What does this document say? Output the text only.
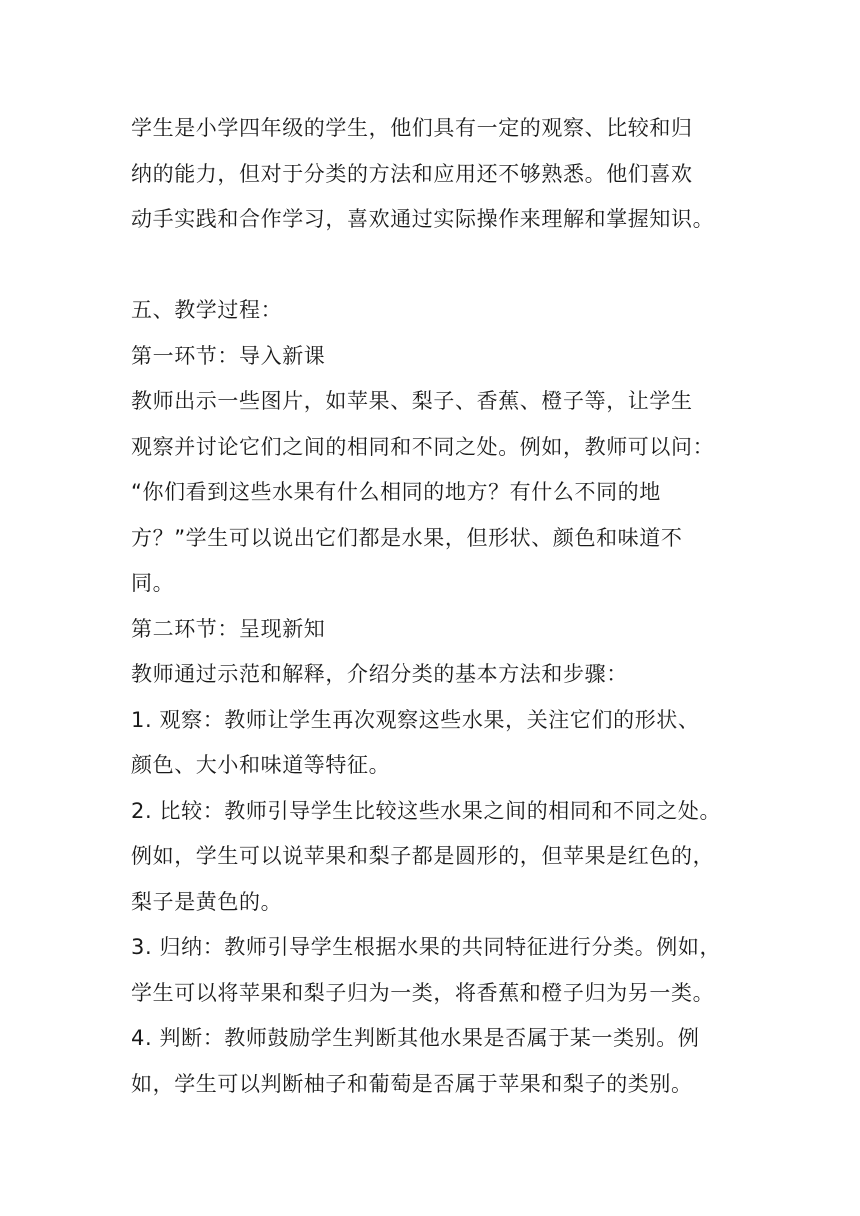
学生是小学四年级的学生，他们具有一定的观察、比较和归
纳的能力，但对于分类的方法和应用还不够熟悉。他们喜欢
动手实践和合作学习，喜欢通过实际操作来理解和掌握知识。
五、教学过程：
第一环节：导入新课
教师出示一些图片，如苹果、梨子、香蕉、橙子等，让学生
观察并讨论它们之间的相同和不同之处。例如，教师可以问：
“你们看到这些水果有什么相同的地方？有什么不同的地
方？”学生可以说出它们都是水果，但形状、颜色和味道不
同。
第二环节：呈现新知
教师通过示范和解释，介绍分类的基本方法和步骤：
1. 观察：教师让学生再次观察这些水果，关注它们的形状、
颜色、大小和味道等特征。
2. 比较：教师引导学生比较这些水果之间的相同和不同之处。
例如，学生可以说苹果和梨子都是圆形的，但苹果是红色的，
梨子是黄色的。
3. 归纳：教师引导学生根据水果的共同特征进行分类。例如，
学生可以将苹果和梨子归为一类，将香蕉和橙子归为另一类。
4. 判断：教师鼓励学生判断其他水果是否属于某一类别。例
如，学生可以判断柚子和葡萄是否属于苹果和梨子的类别。
